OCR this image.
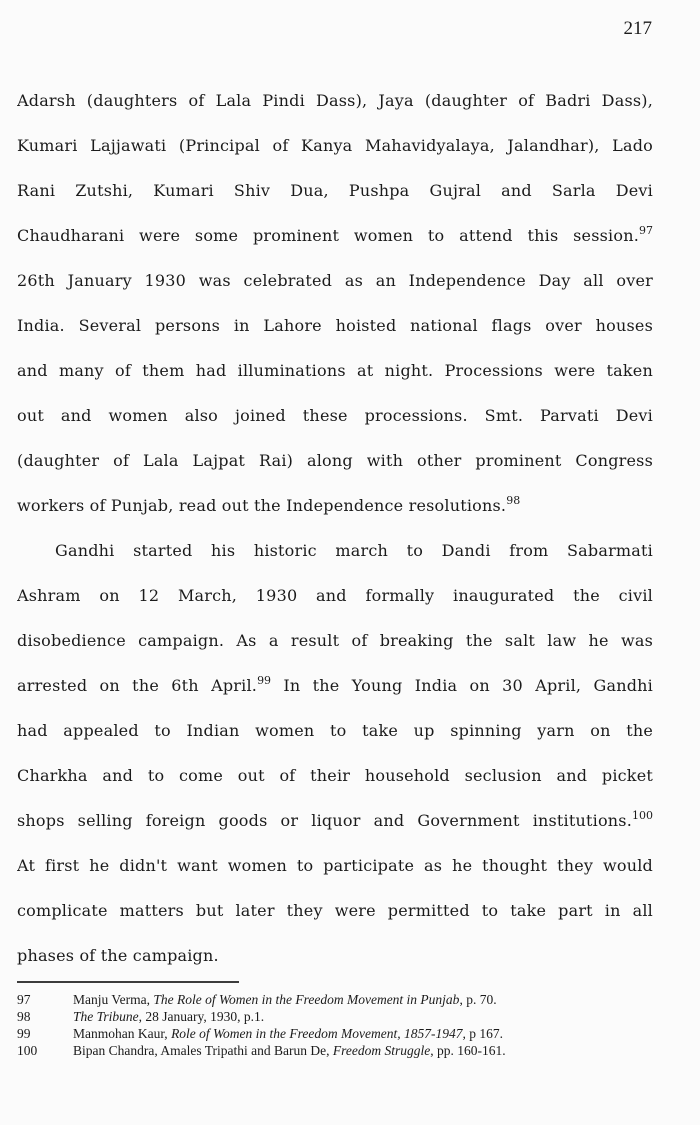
217
Adarsh (daughters of Lala Pindi Dass), Jaya (daughter of Badri Dass),
Kumari Lajjawati (Principal of Kanya Mahavidyalaya, Jalandhar), Lado
Rani Zutshi, Kumari Shiv Dua, Pushpa Gujral and Sarla Devi
Chaudharani were some prominent women to attend this session.$^{97}$
26th January 1930 was celebrated as an Independence Day all over
India. Several persons in Lahore hoisted national flags over houses
and many of them had illuminations at night. Processions were taken
out and women also joined these processions. Smt. Parvati Devi
(daughter of Lala Lajpat Rai) along with other prominent Congress
workers of Punjab, read out the Independence resolutions.$^{98}$
Gandhi started his historic march to Dandi from Sabarmati
Ashram on 12 March, 1930 and formally inaugurated the civil
disobedience campaign. As a result of breaking the salt law he was
arrested on the 6th April.$^{99}$ In the Young India on 30 April, Gandhi
had appealed to Indian women to take up spinning yarn on the
Charkha and to come out of their household seclusion and picket
shops selling foreign goods or liquor and Government institutions.$^{100}$
At first he didn't want women to participate as he thought they would
complicate matters but later they were permitted to take part in all
phases of the campaign.
97	Manju Verma, The Role of Women in the Freedom Movement in Punjab, p. 70.
98	The Tribune, 28 January, 1930, p.1.
99	Manmohan Kaur, Role of Women in the Freedom Movement, 1857-1947, p 167.
100	Bipan Chandra, Amales Tripathi and Barun De, Freedom Struggle, pp. 160-161.
